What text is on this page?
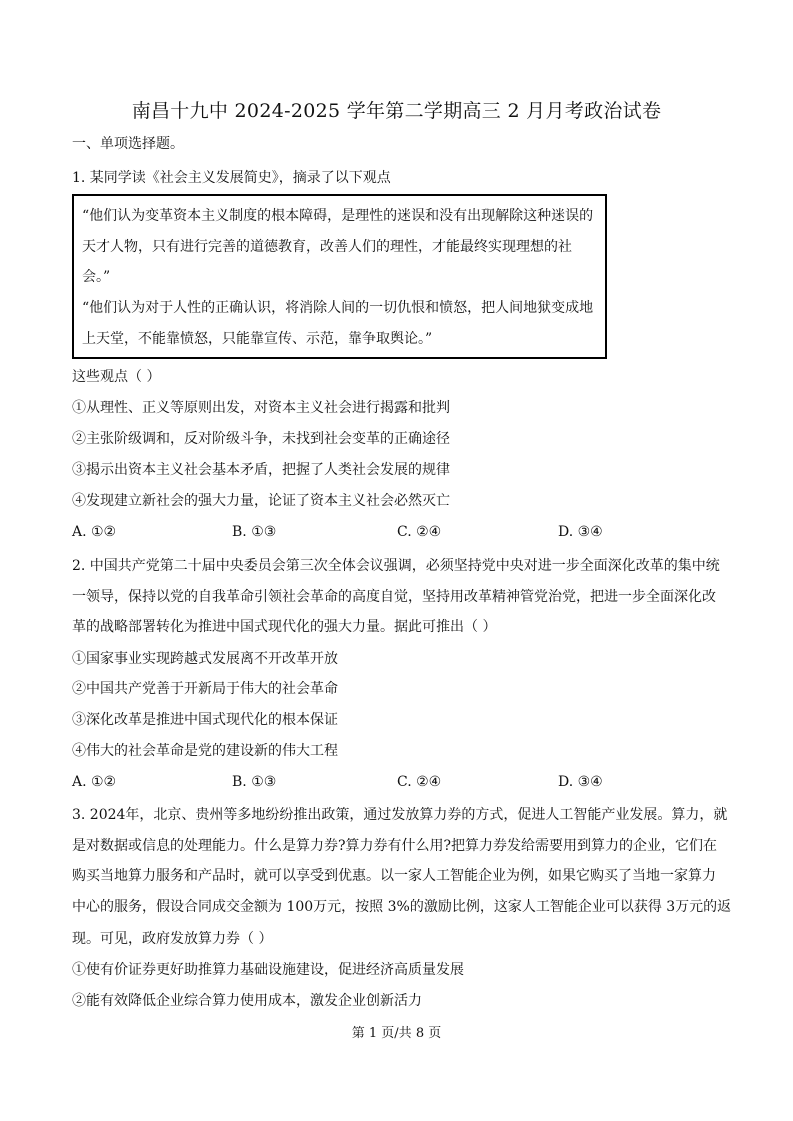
南昌十九中 2024-2025 学年第二学期高三 2 月月考政治试卷
一、单项选择题。
1. 某同学读《社会主义发展简史》，摘录了以下观点
“他们认为变革资本主义制度的根本障碍，是理性的迷误和没有出现解除这种迷误的
天才人物，只有进行完善的道德教育，改善人们的理性，才能最终实现理想的社
会。”
“他们认为对于人性的正确认识，将消除人间的一切仇恨和愤怒，把人间地狱变成地
上天堂，不能靠愤怒，只能靠宣传、示范，靠争取舆论。”
这些观点（ ）
①从理性、正义等原则出发，对资本主义社会进行揭露和批判
②主张阶级调和，反对阶级斗争，未找到社会变革的正确途径
③揭示出资本主义社会基本矛盾，把握了人类社会发展的规律
④发现建立新社会的强大力量，论证了资本主义社会必然灭亡
A. ①②	B. ①③	C. ②④	D. ③④
2. 中国共产党第二十届中央委员会第三次全体会议强调，必须坚持党中央对进一步全面深化改革的集中统
一领导，保持以党的自我革命引领社会革命的高度自觉，坚持用改革精神管党治党，把进一步全面深化改
革的战略部署转化为推进中国式现代化的强大力量。据此可推出（ ）
①国家事业实现跨越式发展离不开改革开放
②中国共产党善于开新局于伟大的社会革命
③深化改革是推进中国式现代化的根本保证
④伟大的社会革命是党的建设新的伟大工程
A. ①②	B. ①③	C. ②④	D. ③④
3. 2024年，北京、贵州等多地纷纷推出政策，通过发放算力券的方式，促进人工智能产业发展。算力，就
是对数据或信息的处理能力。什么是算力券?算力券有什么用?把算力券发给需要用到算力的企业，它们在
购买当地算力服务和产品时，就可以享受到优惠。以一家人工智能企业为例，如果它购买了当地一家算力
中心的服务，假设合同成交金额为 100万元，按照 3%的激励比例，这家人工智能企业可以获得 3万元的返
现。可见，政府发放算力券（ ）
①使有价证券更好助推算力基础设施建设，促进经济高质量发展
②能有效降低企业综合算力使用成本，激发企业创新活力
第 1 页/共 8 页
